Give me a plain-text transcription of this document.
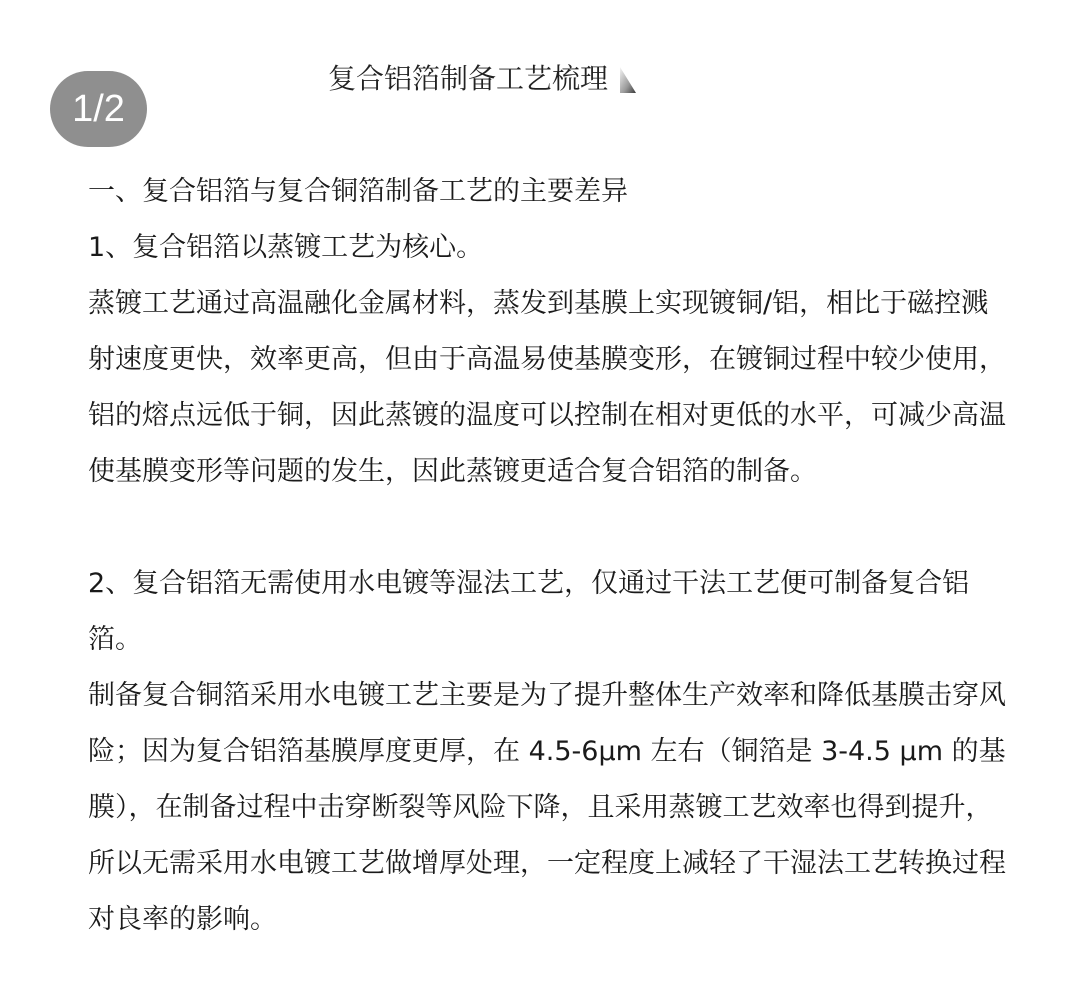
1/2
复合铝箔制备工艺梳理

一、复合铝箔与复合铜箔制备工艺的主要差异

1、复合铝箔以蒸镀工艺为核心。

蒸镀工艺通过高温融化金属材料，蒸发到基膜上实现镀铜/铝，相比于磁控溅射速度更快，效率更高，但由于高温易使基膜变形，在镀铜过程中较少使用，铝的熔点远低于铜，因此蒸镀的温度可以控制在相对更低的水平，可减少高温使基膜变形等问题的发生，因此蒸镀更适合复合铝箔的制备。

2、复合铝箔无需使用水电镀等湿法工艺，仅通过干法工艺便可制备复合铝箔。

制备复合铜箔采用水电镀工艺主要是为了提升整体生产效率和降低基膜击穿风险；因为复合铝箔基膜厚度更厚，在 4.5-6μm 左右（铜箔是 3-4.5 μm 的基膜），在制备过程中击穿断裂等风险下降，且采用蒸镀工艺效率也得到提升，所以无需采用水电镀工艺做增厚处理，一定程度上减轻了干湿法工艺转换过程对良率的影响。
